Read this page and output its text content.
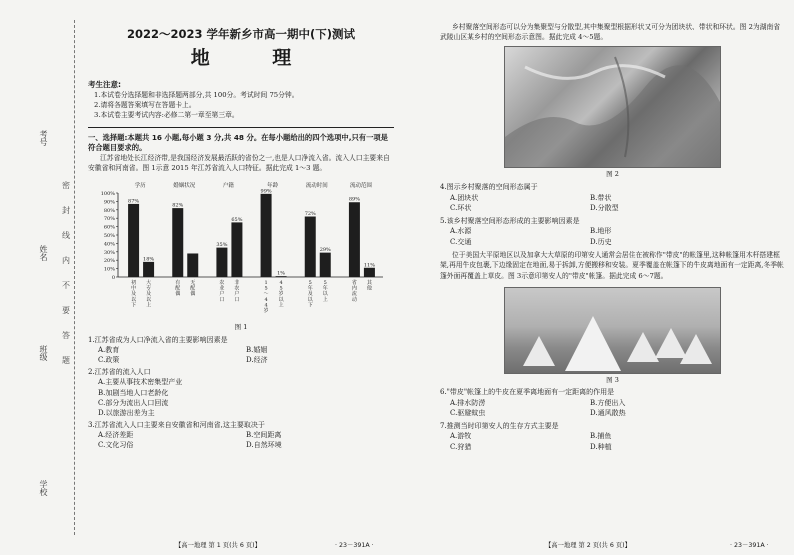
考号
姓名
班级
学校
密
封
线
内
不
要
答
题
2022～2023 学年新乡市高一期中(下)测试
地 理
考生注意:
1.本试卷分选择题和非选择题两部分,共 100分。考试时间 75分钟。
2.请将各题答案填写在答题卡上。
3.本试卷主要考试内容:必修二第一章至第三章。
一、选择题:本题共 16 小题,每小题 3 分,共 48 分。在每小题给出的四个选项中,只有一项是符合题目要求的。
江苏省地处长江经济带,是我国经济发展最活跃的省份之一,也是人口净流入省。流入人口主要来自安徽省和河南省。图 1示意 2015 年江苏省流入人口特征。据此完成 1～3 题。
0
10%
20%
30%
40%
50%
60%
70%
80%
90%
100%
学历
87%
初
中
及
以
下
18%
大
专
及
以
上
婚姻状况
82%
有
配
偶
无
配
偶
户籍
35%
农
业
户
口
65%
非
农
户
口
年龄
99%
1
5
～
4
4
岁
1%
4
5
岁
以
上
流动时间
72%
5
年
及
以
下
29%
5
年
以
上
流动范围
89%
省
内
流
动
11%
其
他
图 1
1.江苏省成为人口净流入省的主要影响因素是
A.教育	B.婚姻
C.政策	D.经济
2.江苏省的流入人口
A.主要从事技术密集型产业
B.加剧当地人口老龄化
C.部分为流出人口回流
D.以旅游出差为主
3.江苏省流入人口主要来自安徽省和河南省,这主要取决于
A.经济差距	B.空间距离
C.文化习俗	D.自然环境
【高一地理 第 1 页(共 6 页)】	· 23－391A ·
乡村聚落空间形态可以分为集聚型与分散型,其中集聚型根据形状又可分为团块状、带状和环状。图 2为湖南省武陵山区某乡村的空间形态示意图。据此完成 4～5题。
图 2
4.图示乡村聚落的空间形态属于
A.团块状	B.带状
C.环状	D.分散型
5.该乡村聚落空间形态形成的主要影响因素是
A.水源	B.地形
C.交通	D.历史
位于美国大平原地区以及加拿大大草原的印第安人通常会居住在被称作"带皮"的帐篷里,这种帐篷用木杆搭建框架,再用牛皮包裹,下边缘固定在地面,易于拆卸,方便搬移和安装。夏季覆盖在帐篷下的牛皮离地面有一定距离,冬季帐篷外面再覆盖上草皮。图 3示意印第安人的"带皮"帐篷。据此完成 6～7题。
图 3
6."带皮"帐篷上的牛皮在夏季离地面有一定距离的作用是
A.排水防涝	B.方便出入
C.驱避蚊虫	D.通风散热
7.推测当时印第安人的生存方式主要是
A.游牧	B.捕鱼
C.狩猎	D.种植
【高一地理 第 2 页(共 6 页)】	· 23－391A ·
